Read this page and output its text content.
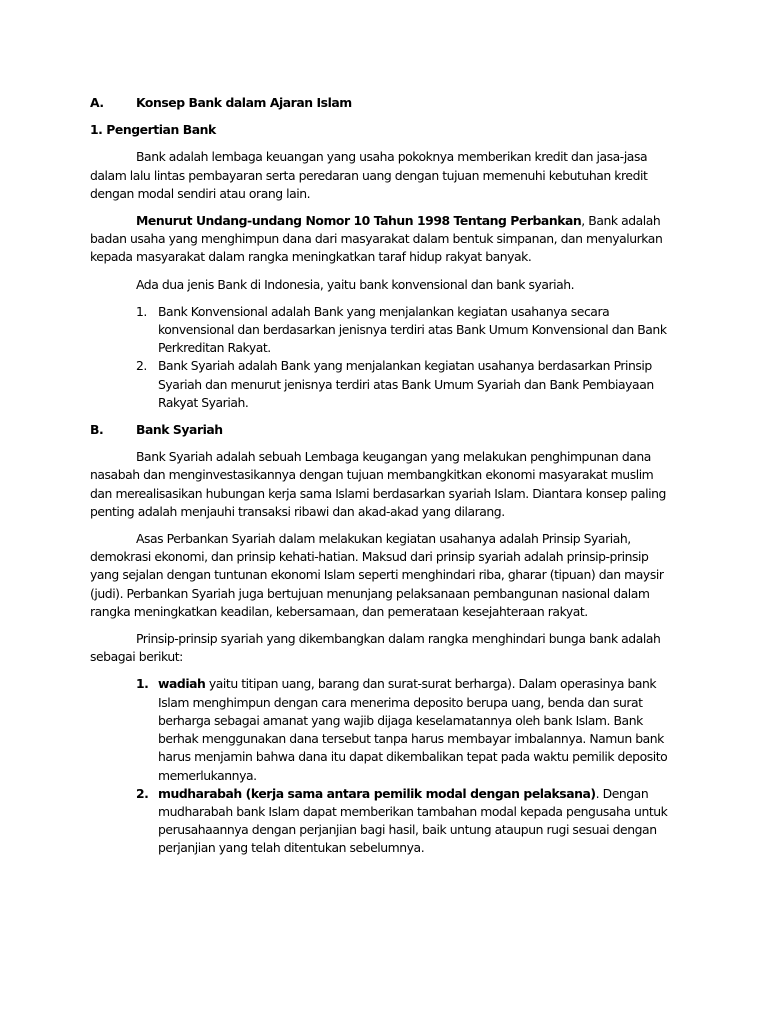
A.	Konsep Bank dalam Ajaran Islam
1. Pengertian Bank

Bank adalah lembaga keuangan yang usaha pokoknya memberikan kredit dan jasa-jasa dalam lalu lintas pembayaran serta peredaran uang dengan tujuan memenuhi kebutuhan kredit dengan modal sendiri atau orang lain.

Menurut Undang-undang Nomor 10 Tahun 1998 Tentang Perbankan, Bank adalah badan usaha yang menghimpun dana dari masyarakat dalam bentuk simpanan, dan menyalurkan kepada masyarakat dalam rangka meningkatkan taraf hidup rakyat banyak.

Ada dua jenis Bank di Indonesia, yaitu bank konvensional dan bank syariah.

1. Bank Konvensional adalah Bank yang menjalankan kegiatan usahanya secara konvensional dan berdasarkan jenisnya terdiri atas Bank Umum Konvensional dan Bank Perkreditan Rakyat.
2. Bank Syariah adalah Bank yang menjalankan kegiatan usahanya berdasarkan Prinsip Syariah dan menurut jenisnya terdiri atas Bank Umum Syariah dan Bank Pembiayaan Rakyat Syariah.
B.	Bank Syariah

Bank Syariah adalah sebuah Lembaga keugangan yang melakukan penghimpunan dana nasabah dan menginvestasikannya dengan tujuan membangkitkan ekonomi masyarakat muslim dan merealisasikan hubungan kerja sama Islami berdasarkan syariah Islam. Diantara konsep paling penting adalah menjauhi transaksi ribawi dan akad-akad yang dilarang.

Asas Perbankan Syariah dalam melakukan kegiatan usahanya adalah Prinsip Syariah, demokrasi ekonomi, dan prinsip kehati-hatian. Maksud dari prinsip syariah adalah prinsip-prinsip yang sejalan dengan tuntunan ekonomi Islam seperti menghindari riba, gharar (tipuan) dan maysir (judi). Perbankan Syariah juga bertujuan menunjang pelaksanaan pembangunan nasional dalam rangka meningkatkan keadilan, kebersamaan, dan pemerataan kesejahteraan rakyat.

Prinsip-prinsip syariah yang dikembangkan dalam rangka menghindari bunga bank adalah sebagai berikut:

1. wadiah yaitu titipan uang, barang dan surat-surat berharga). Dalam operasinya bank Islam menghimpun dengan cara menerima deposito berupa uang, benda dan surat berharga sebagai amanat yang wajib dijaga keselamatannya oleh bank Islam. Bank berhak menggunakan dana tersebut tanpa harus membayar imbalannya. Namun bank harus menjamin bahwa dana itu dapat dikembalikan tepat pada waktu pemilik deposito memerlukannya.
2. mudharabah (kerja sama antara pemilik modal dengan pelaksana). Dengan mudharabah bank Islam dapat memberikan tambahan modal kepada pengusaha untuk perusahaannya dengan perjanjian bagi hasil, baik untung ataupun rugi sesuai dengan perjanjian yang telah ditentukan sebelumnya.
